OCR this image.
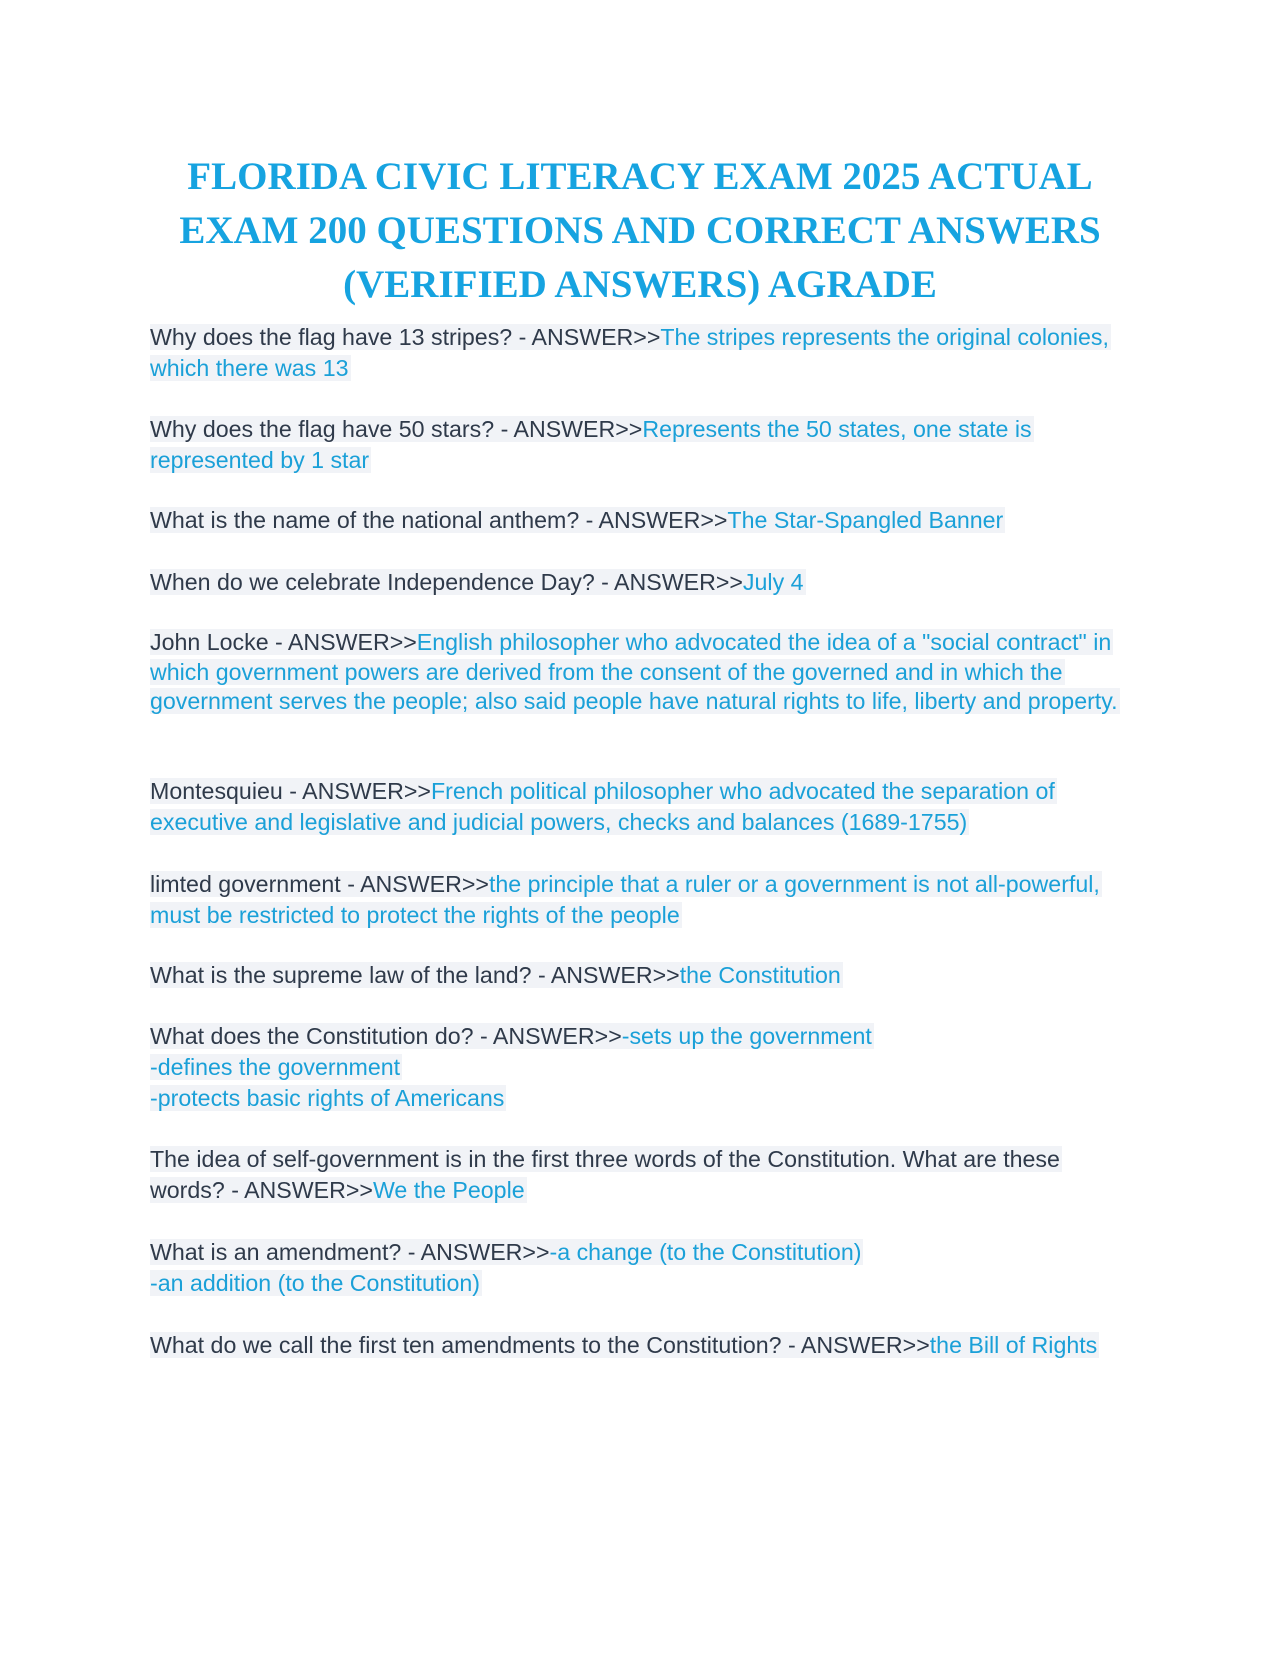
FLORIDA CIVIC LITERACY EXAM 2025 ACTUAL EXAM 200 QUESTIONS AND CORRECT ANSWERS (VERIFIED ANSWERS) AGRADE

Why does the flag have 13 stripes? - ANSWER>>The stripes represents the original colonies, which there was 13

Why does the flag have 50 stars? - ANSWER>>Represents the 50 states, one state is represented by 1 star

What is the name of the national anthem? - ANSWER>>The Star-Spangled Banner

When do we celebrate Independence Day? - ANSWER>>July 4

John Locke - ANSWER>>English philosopher who advocated the idea of a "social contract" in which government powers are derived from the consent of the governed and in which the government serves the people; also said people have natural rights to life, liberty and property.

Montesquieu - ANSWER>>French political philosopher who advocated the separation of executive and legislative and judicial powers, checks and balances (1689-1755)

limted government - ANSWER>>the principle that a ruler or a government is not all-powerful, must be restricted to protect the rights of the people

What is the supreme law of the land? - ANSWER>>the Constitution

What does the Constitution do? - ANSWER>>-sets up the government
-defines the government
-protects basic rights of Americans

The idea of self-government is in the first three words of the Constitution. What are these words? - ANSWER>>We the People

What is an amendment? - ANSWER>>-a change (to the Constitution)
-an addition (to the Constitution)

What do we call the first ten amendments to the Constitution? - ANSWER>>the Bill of Rights
